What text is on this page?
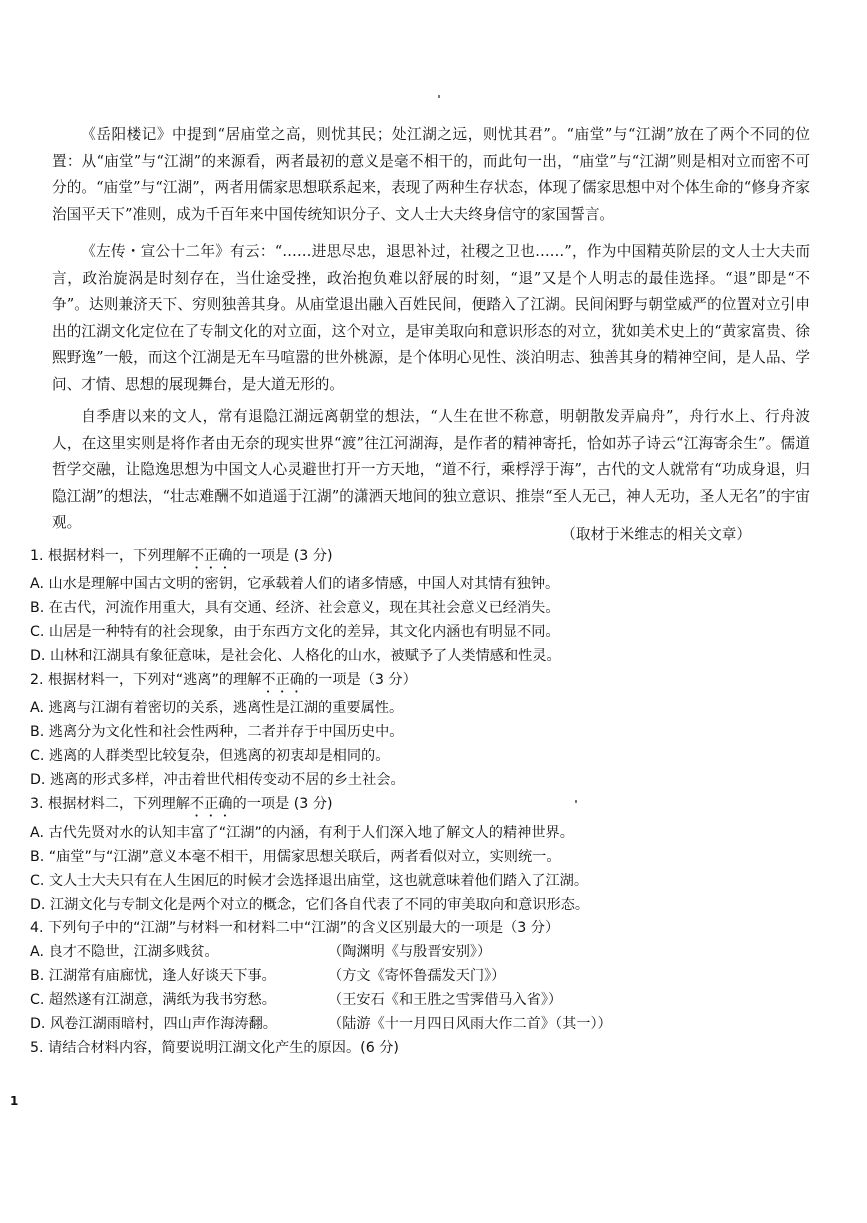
《岳阳楼记》中提到“居庙堂之高，则忧其民；处江湖之远，则忧其君”。“庙堂”与“江湖”放在了两个不同的位置：从“庙堂”与“江湖”的来源看，两者最初的意义是毫不相干的，而此句一出，“庙堂”与“江湖”则是相对立而密不可分的。“庙堂”与“江湖”，两者用儒家思想联系起来，表现了两种生存状态，体现了儒家思想中对个体生命的“修身齐家治国平天下”准则，成为千百年来中国传统知识分子、文人士大夫终身信守的家国誓言。

《左传・宣公十二年》有云：“……进思尽忠，退思补过，社稷之卫也……”，作为中国精英阶层的文人士大夫而言，政治旋涡是时刻存在，当仕途受挫，政治抱负难以舒展的时刻，“退”又是个人明志的最佳选择。“退”即是“不争”。达则兼济天下、穷则独善其身。从庙堂退出融入百姓民间，便踏入了江湖。民间闲野与朝堂威严的位置对立引申出的江湖文化定位在了专制文化的对立面，这个对立，是审美取向和意识形态的对立，犹如美术史上的“黄家富贵、徐熙野逸”一般，而这个江湖是无车马喧嚣的世外桃源，是个体明心见性、淡泊明志、独善其身的精神空间，是人品、学问、才情、思想的展现舞台，是大道无形的。

自季唐以来的文人，常有退隐江湖远离朝堂的想法，“人生在世不称意，明朝散发弄扁舟”，舟行水上、行舟波人，在这里实则是将作者由无奈的现实世界“渡”往江河湖海，是作者的精神寄托，恰如苏子诗云“江海寄余生”。儒道哲学交融，让隐逸思想为中国文人心灵避世打开一方天地，“道不行，乘桴浮于海”，古代的文人就常有“功成身退，归隐江湖”的想法，“壮志难酬不如逍遥于江湖”的潇洒天地间的独立意识、推崇“至人无己，神人无功，圣人无名”的宇宙观。

（取材于米维志的相关文章）
1. 根据材料一，下列理解不正确的一项是 (3 分)
A. 山水是理解中国古文明的密钥，它承载着人们的诸多情感，中国人对其情有独钟。
B. 在古代，河流作用重大，具有交通、经济、社会意义，现在其社会意义已经消失。
C. 山居是一种特有的社会现象，由于东西方文化的差异，其文化内涵也有明显不同。
D. 山林和江湖具有象征意味，是社会化、人格化的山水，被赋予了人类情感和性灵。
2. 根据材料一，下列对“逃离”的理解不正确的一项是（3 分）
A. 逃离与江湖有着密切的关系，逃离性是江湖的重要属性。
B. 逃离分为文化性和社会性两种，二者并存于中国历史中。
C. 逃离的人群类型比较复杂，但逃离的初衷却是相同的。
D. 逃离的形式多样，冲击着世代相传变动不居的乡土社会。
3. 根据材料二，下列理解不正确的一项是 (3 分)
A. 古代先贤对水的认知丰富了“江湖”的内涵，有利于人们深入地了解文人的精神世界。
B. “庙堂”与“江湖”意义本毫不相干，用儒家思想关联后，两者看似对立，实则统一。
C. 文人士大夫只有在人生困厄的时候才会选择退出庙堂，这也就意味着他们踏入了江湖。
D. 江湖文化与专制文化是两个对立的概念，它们各自代表了不同的审美取向和意识形态。
4. 下列句子中的“江湖”与材料一和材料二中“江湖”的含义区别最大的一项是（3 分）
A. 良才不隐世，江湖多贱贫。	（陶渊明《与殷晋安别》）
B. 江湖常有庙廊忧，逢人好谈天下事。	（方文《寄怀鲁孺发天门》）
C. 超然遂有江湖意，满纸为我书穷愁。	（王安石《和王胜之雪霁借马入省》）
D. 风卷江湖雨暗村，四山声作海涛翻。	（陆游《十一月四日风雨大作二首》（其一））
5. 请结合材料内容，简要说明江湖文化产生的原因。(6 分)
1
